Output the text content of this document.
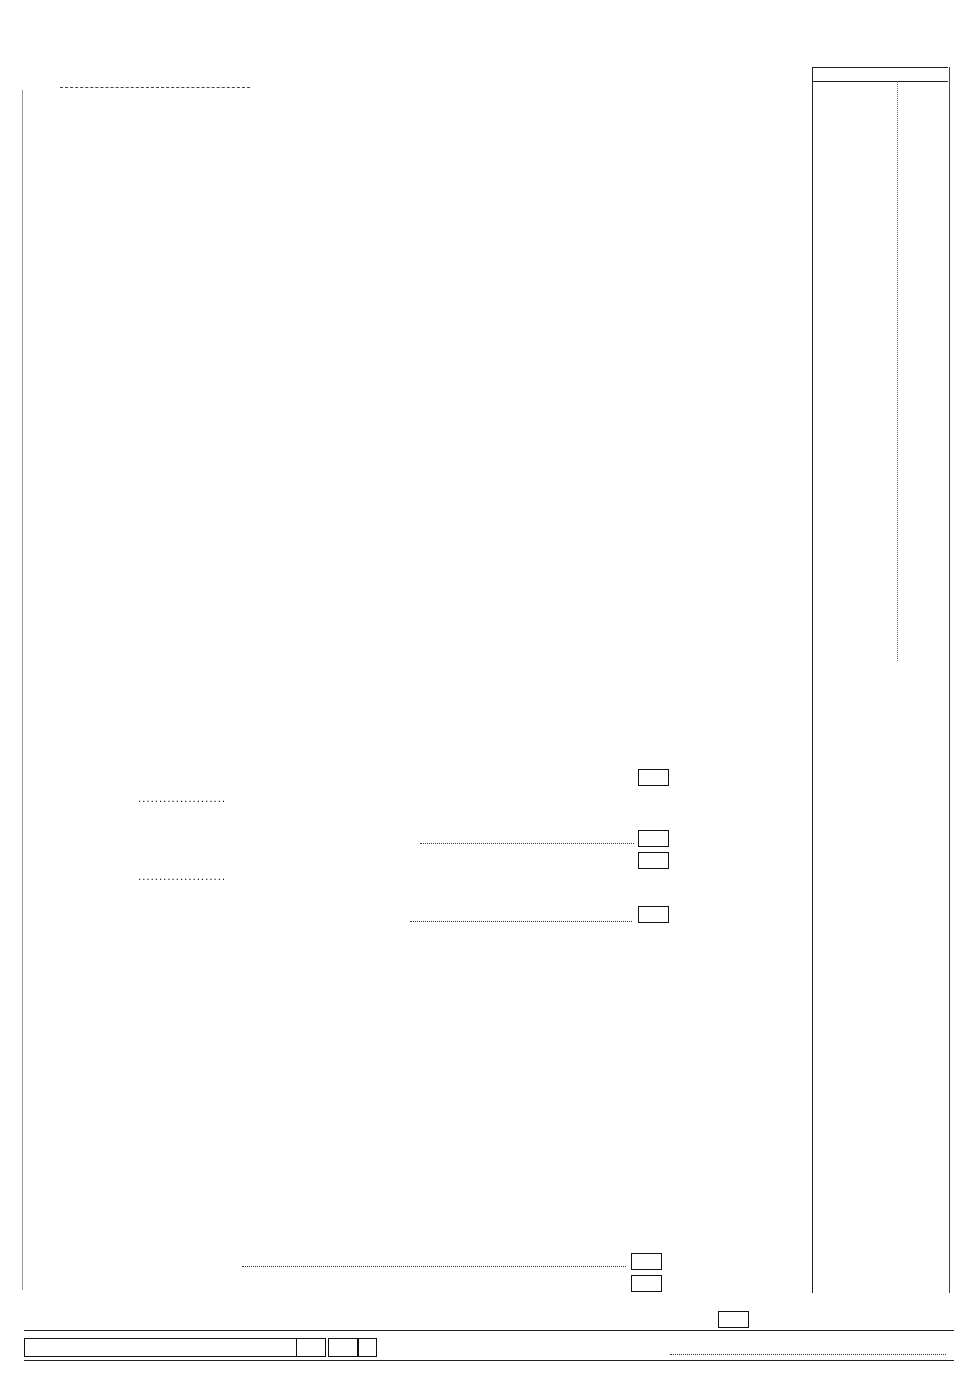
.....................
.....................
